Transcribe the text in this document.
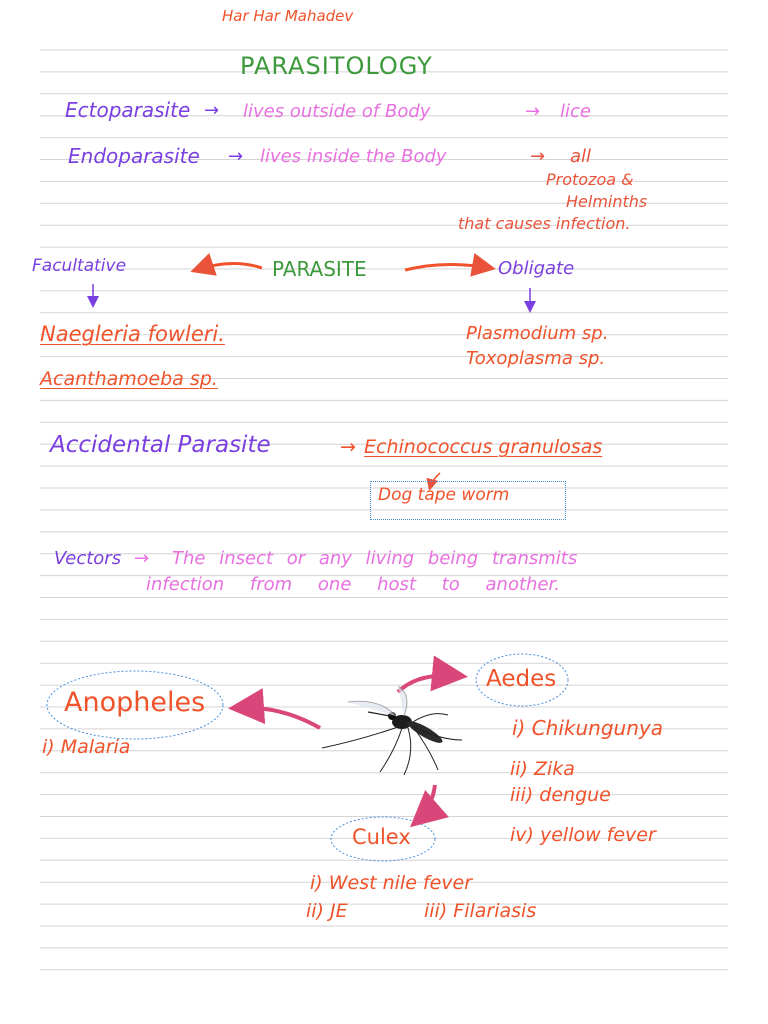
Har Har Mahadev
PARASITOLOGY
Ectoparasite → lives outside of Body	→ lice
Endoparasite → lives inside the Body	→ all
Protozoa &
Helminths
that causes infection.
Facultative	PARASITE	Obligate
Naegleria fowleri.
Acanthamoeba sp.
Plasmodium sp.
Toxoplasma sp.
Accidental Parasite	→ Echinococcus granulosas
Dog tape worm
Vectors → The insect or any living being transmits
infection from one host to another.
Anopheles
i) Malaria
Aedes
i) Chikungunya
ii) Zika
iii) dengue
iv) yellow fever
Culex
i) West nile fever
ii) JE	iii) Filariasis
